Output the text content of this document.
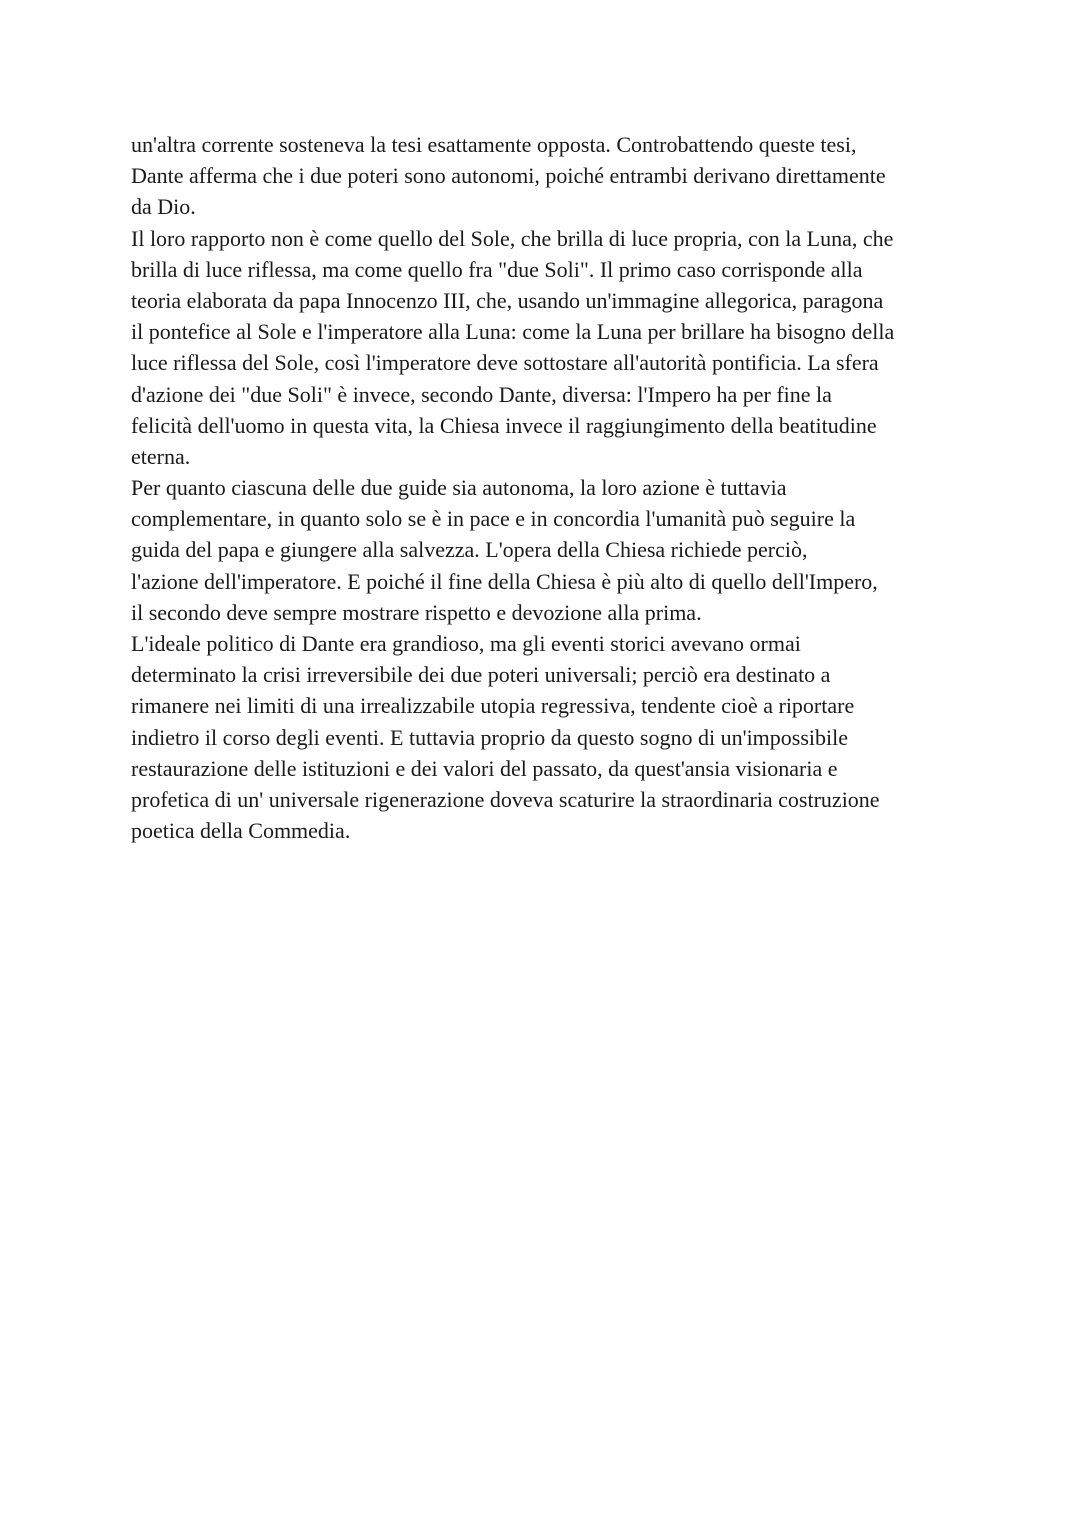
un'altra corrente sosteneva la tesi esattamente opposta. Controbattendo queste tesi,
Dante afferma che i due poteri sono autonomi, poiché entrambi derivano direttamente
da Dio.
Il loro rapporto non è come quello del Sole, che brilla di luce propria, con la Luna, che
brilla di luce riflessa, ma come quello fra "due Soli". Il primo caso corrisponde alla
teoria elaborata da papa Innocenzo III, che, usando un'immagine allegorica, paragona
il pontefice al Sole e l'imperatore alla Luna: come la Luna per brillare ha bisogno della
luce riflessa del Sole, così l'imperatore deve sottostare all'autorità pontificia. La sfera
d'azione dei "due Soli" è invece, secondo Dante, diversa: l'Impero ha per fine la
felicità dell'uomo in questa vita, la Chiesa invece il raggiungimento della beatitudine
eterna.
Per quanto ciascuna delle due guide sia autonoma, la loro azione è tuttavia
complementare, in quanto solo se è in pace e in concordia l'umanità può seguire la
guida del papa e giungere alla salvezza. L'opera della Chiesa richiede perciò,
l'azione dell'imperatore. E poiché il fine della Chiesa è più alto di quello dell'Impero,
il secondo deve sempre mostrare rispetto e devozione alla prima.
L'ideale politico di Dante era grandioso, ma gli eventi storici avevano ormai
determinato la crisi irreversibile dei due poteri universali; perciò era destinato a
rimanere nei limiti di una irrealizzabile utopia regressiva, tendente cioè a riportare
indietro il corso degli eventi. E tuttavia proprio da questo sogno di un'impossibile
restaurazione delle istituzioni e dei valori del passato, da quest'ansia visionaria e
profetica di un' universale rigenerazione doveva scaturire la straordinaria costruzione
poetica della Commedia.
